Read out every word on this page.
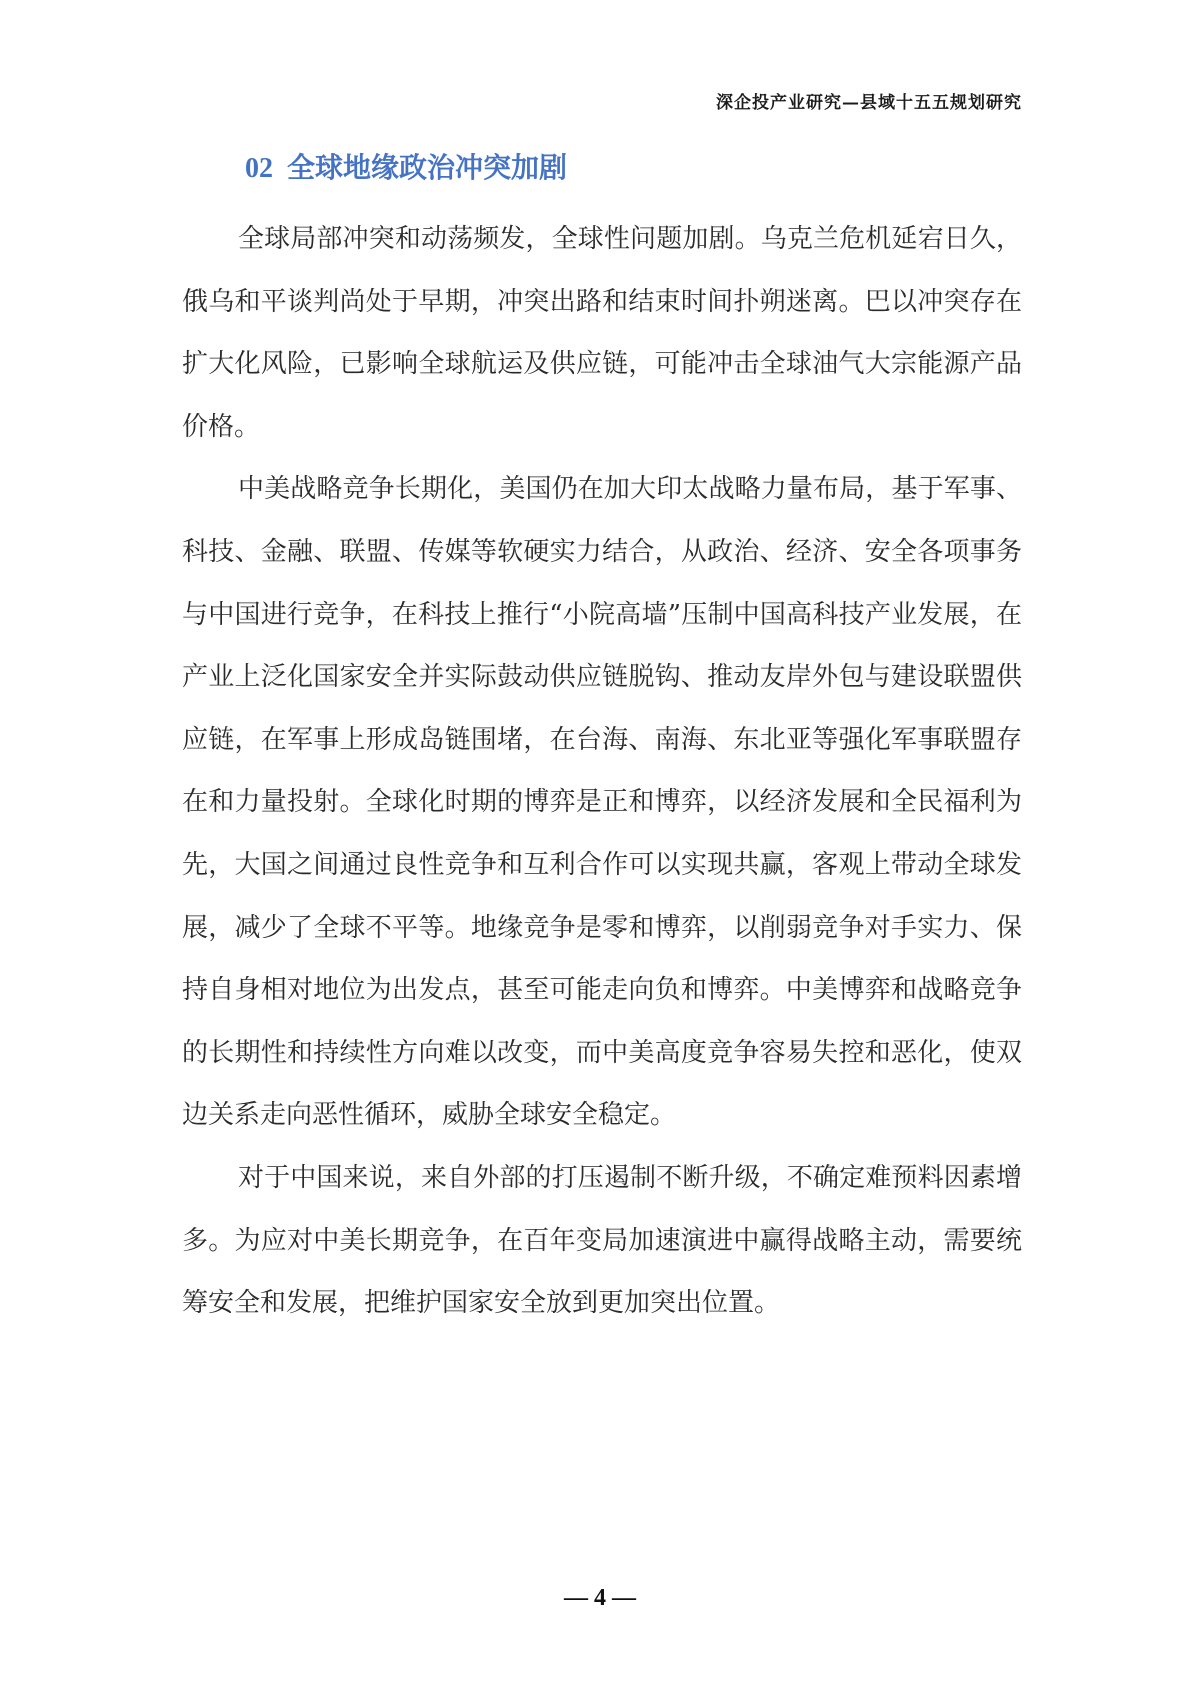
深企投产业研究—县域十五五规划研究
02 全球地缘政治冲突加剧

全球局部冲突和动荡频发，全球性问题加剧。乌克兰危机延宕日久，俄乌和平谈判尚处于早期，冲突出路和结束时间扑朔迷离。巴以冲突存在扩大化风险，已影响全球航运及供应链，可能冲击全球油气大宗能源产品价格。

中美战略竞争长期化，美国仍在加大印太战略力量布局，基于军事、科技、金融、联盟、传媒等软硬实力结合，从政治、经济、安全各项事务与中国进行竞争，在科技上推行“小院高墙”压制中国高科技产业发展，在产业上泛化国家安全并实际鼓动供应链脱钩、推动友岸外包与建设联盟供应链，在军事上形成岛链围堵，在台海、南海、东北亚等强化军事联盟存在和力量投射。全球化时期的博弈是正和博弈，以经济发展和全民福利为先，大国之间通过良性竞争和互利合作可以实现共赢，客观上带动全球发展，减少了全球不平等。地缘竞争是零和博弈，以削弱竞争对手实力、保持自身相对地位为出发点，甚至可能走向负和博弈。中美博弈和战略竞争的长期性和持续性方向难以改变，而中美高度竞争容易失控和恶化，使双边关系走向恶性循环，威胁全球安全稳定。

对于中国来说，来自外部的打压遏制不断升级，不确定难预料因素增多。为应对中美长期竞争，在百年变局加速演进中赢得战略主动，需要统筹安全和发展，把维护国家安全放到更加突出位置。

— 4 —
